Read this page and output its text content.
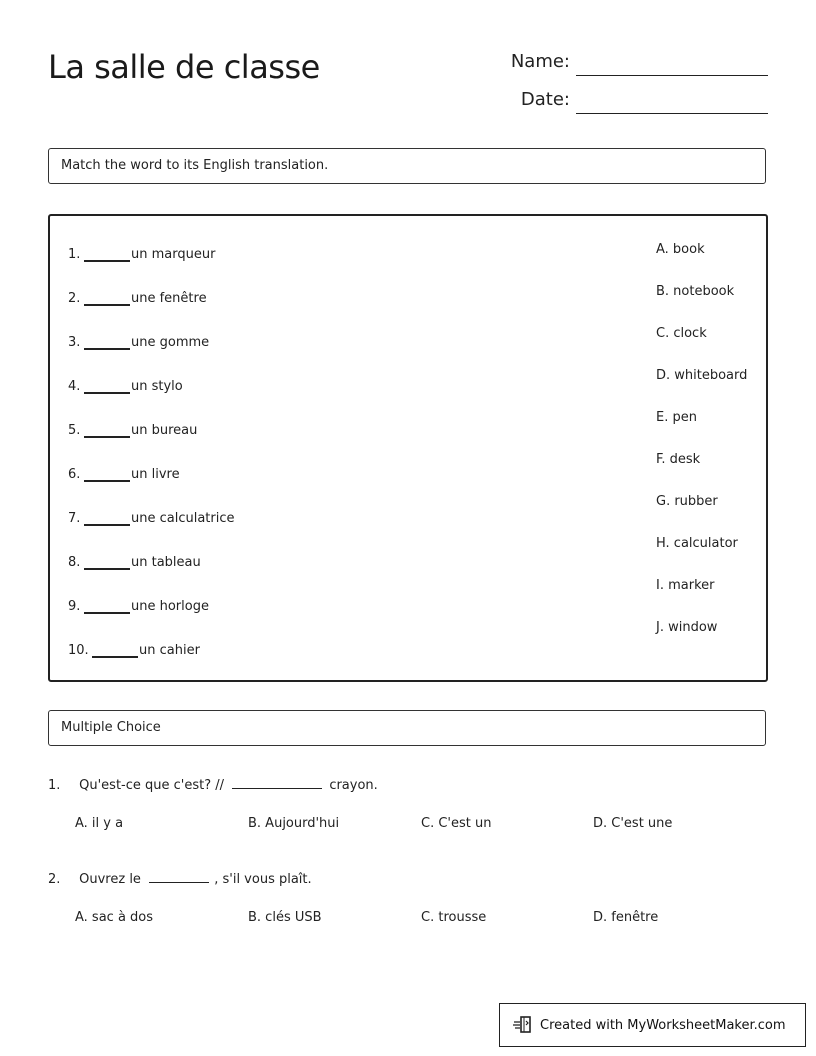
La salle de classe	Name:
Date:
Match the word to its English translation.
1.	un marqueur
2.	une fenêtre
3.	une gomme
4.	un stylo
5.	un bureau
6.	un livre
7.	une calculatrice
8.	un tableau
9.	une horloge
10.	un cahier
A. book
B. notebook
C. clock
D. whiteboard
E. pen
F. desk
G. rubber
H. calculator
I. marker
J. window
Multiple Choice
1. Qu'est-ce que c'est? //	crayon.
A. il y a	B. Aujourd'hui	C. C'est un	D. C'est une
2. Ouvrez le	, s'il vous plaît.
A. sac à dos	B. clés USB	C. trousse	D. fenêtre
Created with MyWorksheetMaker.com
